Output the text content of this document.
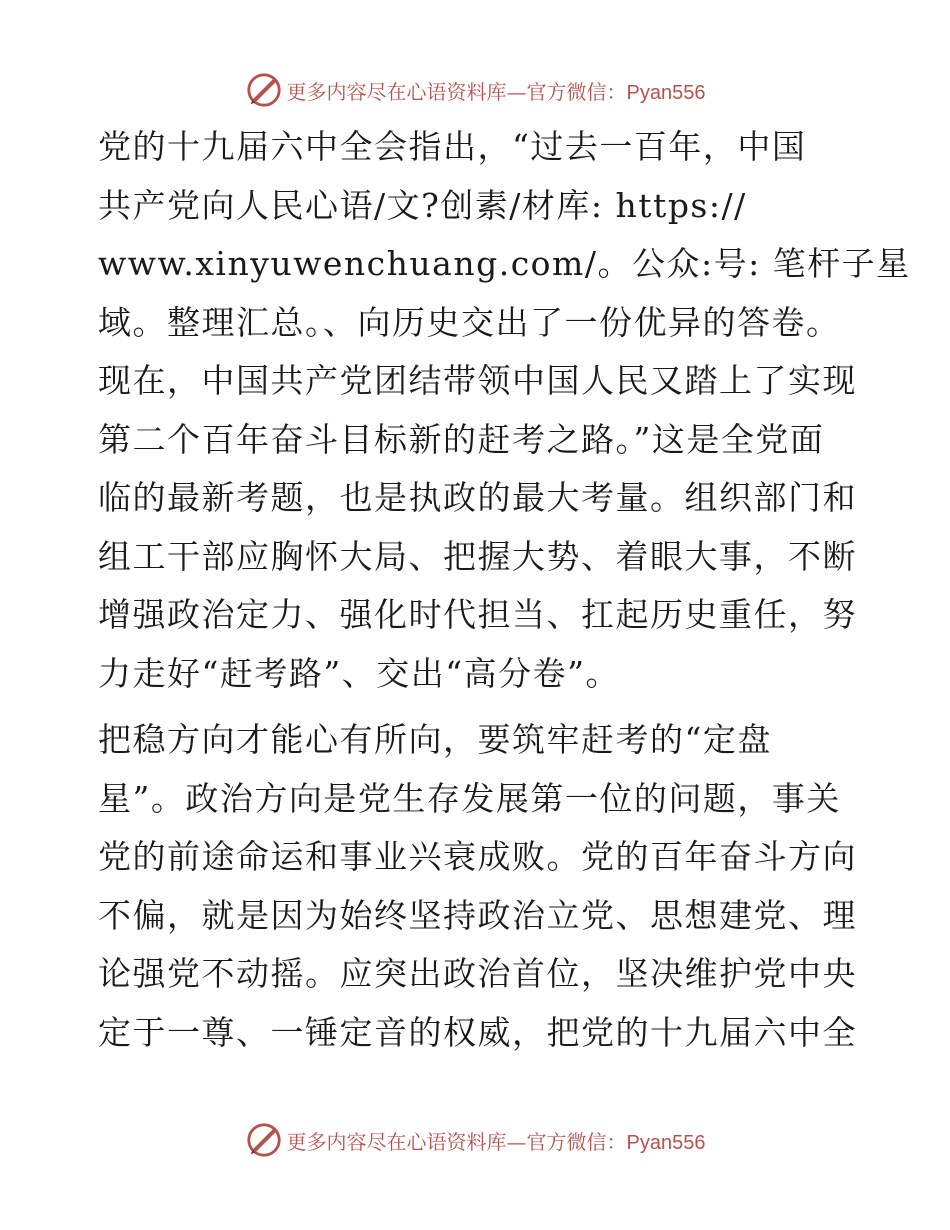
更多内容尽在心语资料库—官方微信：Pyan556

党的十九届六中全会指出，“过去一百年，中国
共产党向人民心语/文?创素/材库: https://
www.xinyuwenchuang.com/。公众:号: 笔杆子星
域。整理汇总。、向历史交出了一份优异的答卷。
现在，中国共产党团结带领中国人民又踏上了实现
第二个百年奋斗目标新的赶考之路。”这是全党面
临的最新考题，也是执政的最大考量。组织部门和
组工干部应胸怀大局、把握大势、着眼大事，不断
增强政治定力、强化时代担当、扛起历史重任，努
力走好“赶考路”、交出“高分卷”。

把稳方向才能心有所向，要筑牢赶考的“定盘
星”。政治方向是党生存发展第一位的问题，事关
党的前途命运和事业兴衰成败。党的百年奋斗方向
不偏，就是因为始终坚持政治立党、思想建党、理
论强党不动摇。应突出政治首位，坚决维护党中央
定于一尊、一锤定音的权威，把党的十九届六中全

更多内容尽在心语资料库—官方微信：Pyan556
